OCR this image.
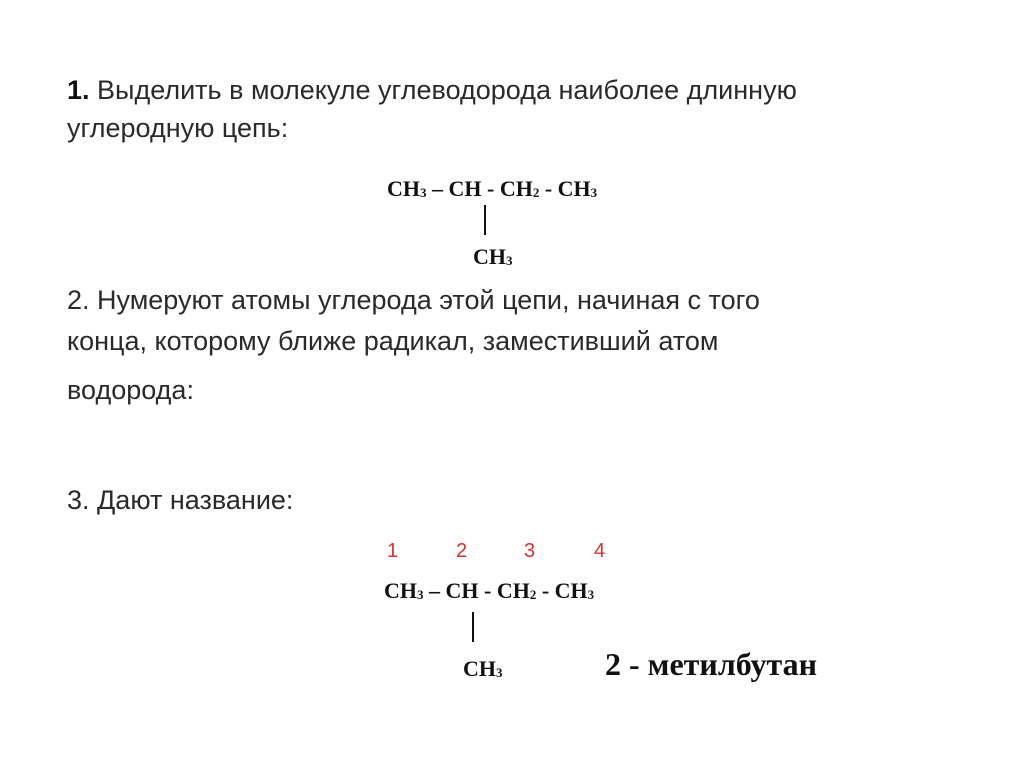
1. Выделить в молекуле углеводорода наиболее длинную
углеродную цепь:
$CH_3$ – CH - $CH_2 - CH_3$
$CH_3$
2. Нумеруют атомы углерода этой цепи, начиная с того
конца, которому ближе радикал, заместивший атом
водорода:
3. Дают название:
1	2	3	4
$CH_3$ – CH - $CH_2 - CH_3$
$CH_3$	2 - метилбутан
